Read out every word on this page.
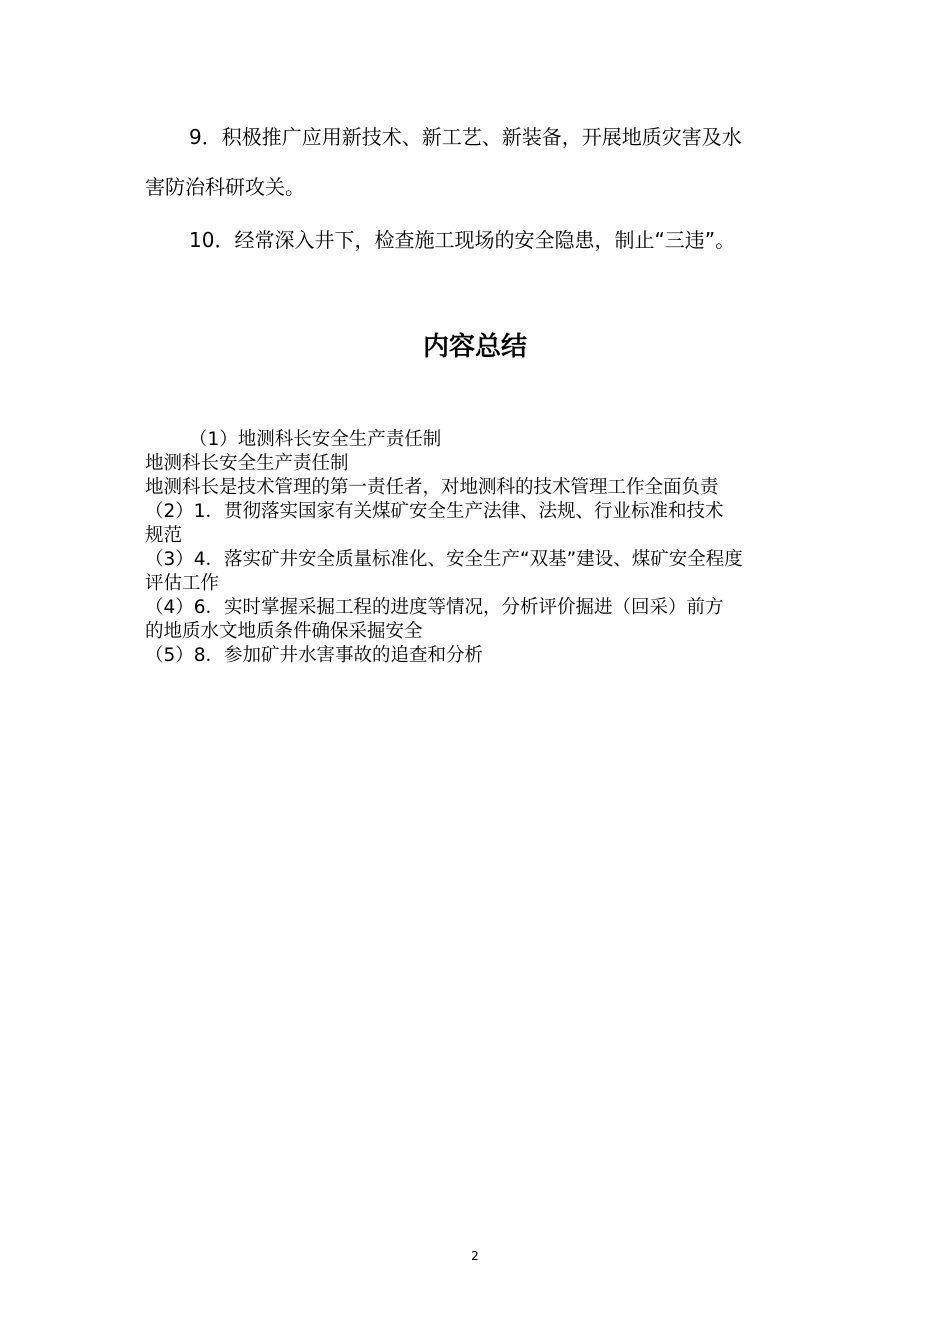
9．积极推广应用新技术、新工艺、新装备，开展地质灾害及水

害防治科研攻关。

10．经常深入井下，检查施工现场的安全隐患，制止“三违”。

内容总结
（1）地测科长安全生产责任制
地测科长安全生产责任制
地测科长是技术管理的第一责任者，对地测科的技术管理工作全面负责
（2）1．贯彻落实国家有关煤矿安全生产法律、法规、行业标准和技术
规范
（3）4．落实矿井安全质量标准化、安全生产“双基”建设、煤矿安全程度
评估工作
（4）6．实时掌握采掘工程的进度等情况，分析评价掘进（回采）前方
的地质水文地质条件确保采掘安全
（5）8．参加矿井水害事故的追查和分析
2
